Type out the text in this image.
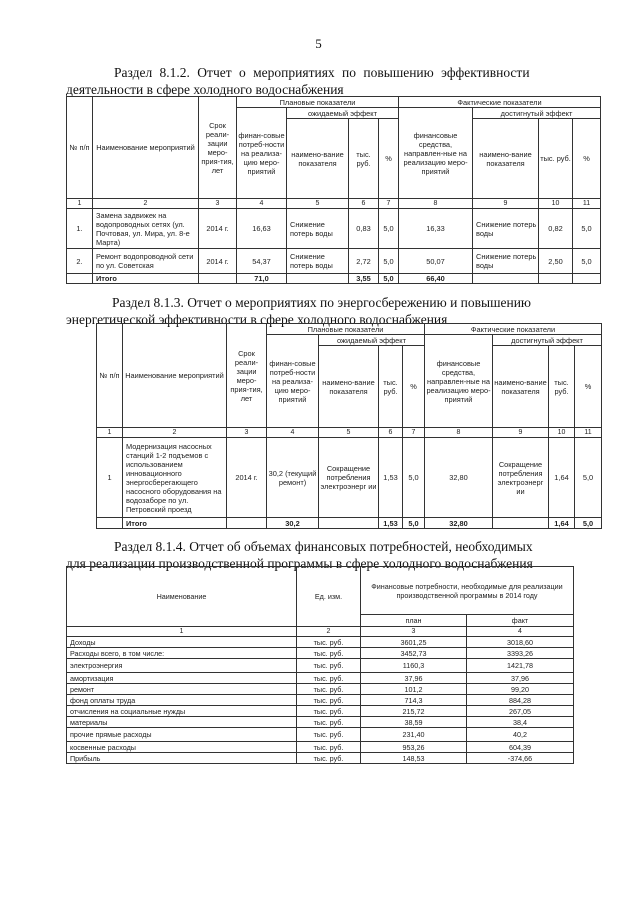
5
Раздел 8.1.2. Отчет о мероприятиях по повышению эффективности
деятельности в сфере холодного водоснабжения
№ п/п	Наименование мероприятий	Срок реали-зации меро-прия-тия, лет	Плановые показатели				Фактические показатели			
			финан-совые потреб-ности на реализа-цию меро-приятий	ожидаемый эффект			финансовые средства, направлен-ные на реализацию меро-приятий	достигнутый эффект		
				наимено-вание показателя	тыс. руб.	%		наимено-вание показателя	тыс. руб.	%
1	2	3	4	5	6	7	8	9	10	11
1.	Замена задвижек на водопроводных сетях (ул. Почтовая, ул. Мира, ул. 8-е Марта)	2014 г.	16,63	Снижение потерь воды	0,83	5,0	16,33	Снижение потерь воды	0,82	5,0
2.	Ремонт водопроводной сети по ул. Советская	2014 г.	54,37	Снижение потерь воды	2,72	5,0	50,07	Снижение потерь воды	2,50	5,0
	Итого		71,0		3,55	5,0	66,40			
Раздел 8.1.3. Отчет о мероприятиях по энергосбережению и повышению
энергетической эффективности в сфере холодного водоснабжения
№ п/п	Наименование мероприятий	Срок реали-зации меро-прия-тия, лет	Плановые показатели				Фактические показатели			
			финан-совые потреб-ности на реализа-цию меро-приятий	ожидаемый эффект			финансовые средства, направлен-ные на реализацию меро-приятий	достигнутый эффект		
				наимено-вание показателя	тыс. руб.	%		наимено-вание показателя	тыс. руб.	%
1	2	3	4	5	6	7	8	9	10	11
1	Модернизация насосных станций 1-2 подъемов с использованием инновационного энергосберегающего насосного оборудования на водозаборе по ул. Петровский проезд	2014 г.	30,2 (текущий ремонт)	Сокращение потребления электроэнерг ии	1,53	5,0	32,80	Сокращение потребления электроэнерг ии	1,64	5,0
	Итого		30,2		1,53	5,0	32,80		1,64	5,0
Раздел 8.1.4. Отчет об объемах финансовых потребностей, необходимых
для реализации производственной программы в сфере холодного водоснабжения
Наименование	Ед. изм.	Финансовые потребности, необходимые для реализации производственной программы в 2014 году	
		план	факт
1	2	3	4
Доходы	тыс. руб.	3601,25	3018,60
Расходы всего, в том числе:	тыс. руб.	3452,73	3393,26
электроэнергия	тыс. руб.	1160,3	1421,78
амортизация	тыс. руб.	37,96	37,96
ремонт	тыс. руб.	101,2	99,20
фонд оплаты труда	тыс. руб.	714,3	884,28
отчисления на социальные нужды	тыс. руб.	215,72	267,05
материалы	тыс. руб.	38,59	38,4
прочие прямые расходы	тыс. руб.	231,40	40,2
косвенные расходы	тыс. руб.	953,26	604,39
Прибыль	тыс. руб.	148,53	-374,66
